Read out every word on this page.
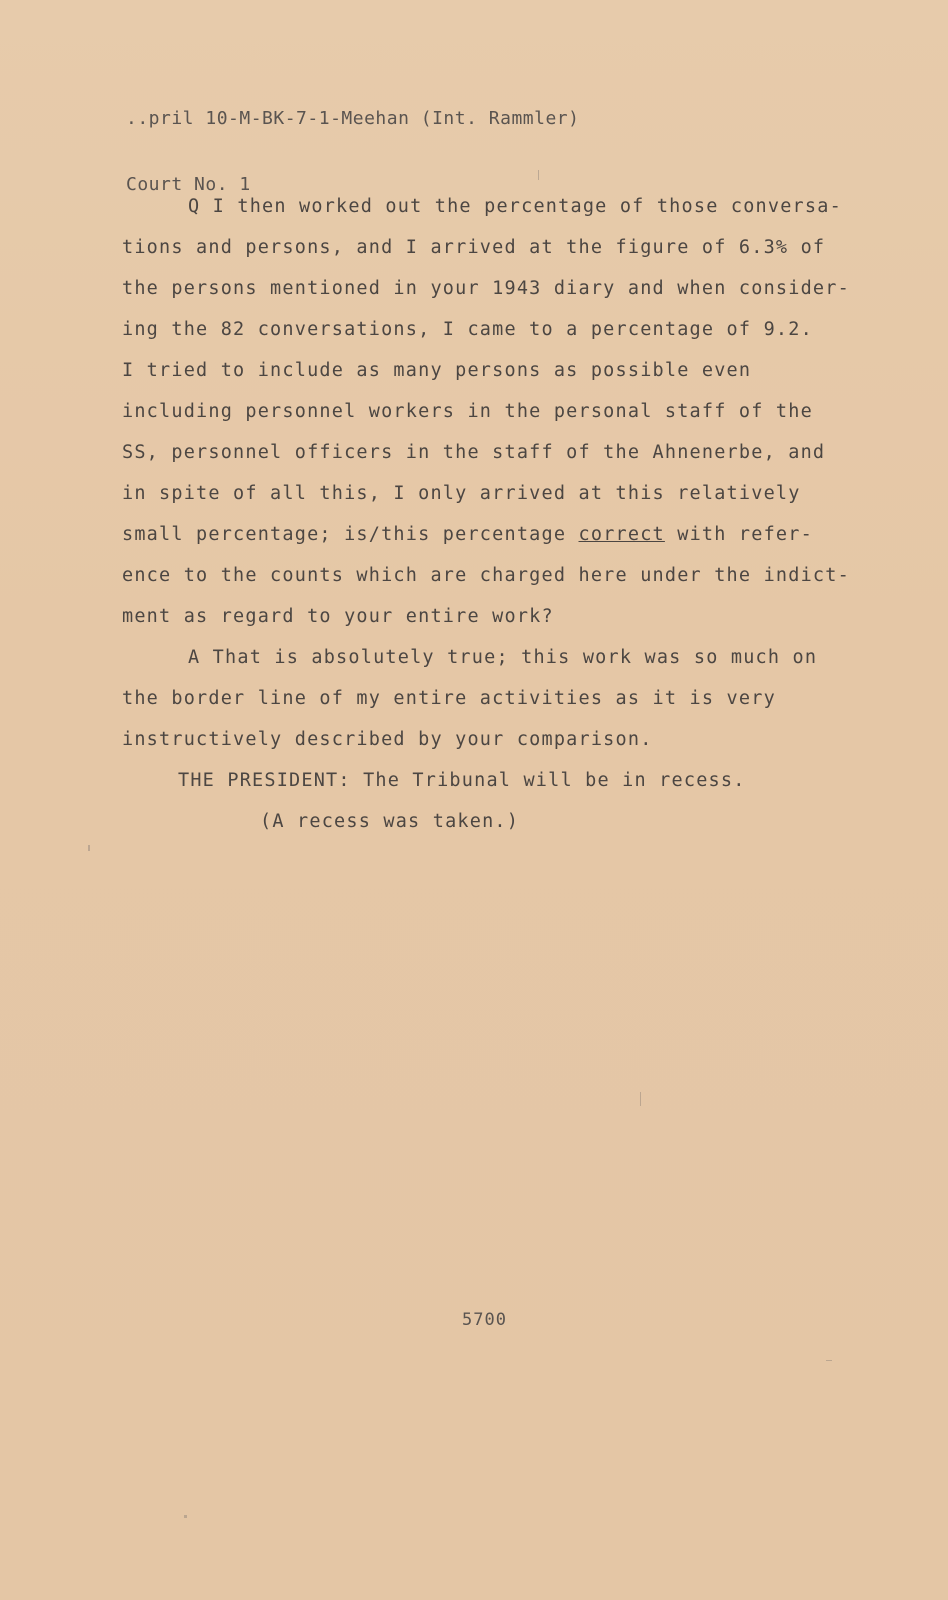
..pril 10-M-BK-7-1-Meehan (Int. Rammler)

Court No. 1

Q I then worked out the percentage of those conversa-
tions and persons, and I arrived at the figure of 6.3% of
the persons mentioned in your 1943 diary and when consider-
ing the 82 conversations, I came to a percentage of 9.2.
I tried to include as many persons as possible even
including personnel workers in the personal staff of the
SS, personnel officers in the staff of the Ahnenerbe, and
in spite of all this, I only arrived at this relatively
small percentage; is/this percentage correct with refer-
ence to the counts which are charged here under the indict-
ment as regard to your entire work?
A That is absolutely true; this work was so much on
the border line of my entire activities as it is very
instructively described by your comparison.
THE PRESIDENT: The Tribunal will be in recess.
(A recess was taken.)
5700
